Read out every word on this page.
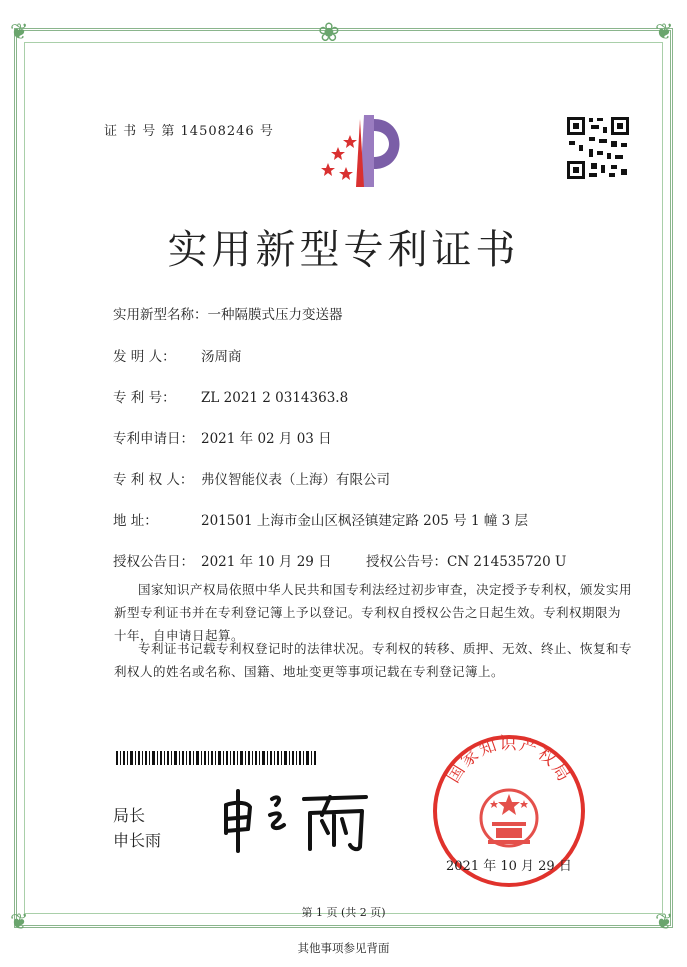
❦	❦
❦	❦
❀
证 书 号 第 14508246 号
实用新型专利证书
实用新型名称：一种隔膜式压力变送器
发 明 人： 汤周商
专 利 号： ZL 2021 2 0314363.8
专利申请日： 2021 年 02 月 03 日
专 利 权 人： 弗仪智能仪表（上海）有限公司
地 址：	201501 上海市金山区枫泾镇建定路 205 号 1 幢 3 层
授权公告日： 2021 年 10 月 29 日	授权公告号：CN 214535720 U
国家知识产权局依照中华人民共和国专利法经过初步审查，决定授予专利权，颁发实用新型专利证书并在专利登记簿上予以登记。专利权自授权公告之日起生效。专利权期限为十年，自申请日起算。
专利证书记载专利权登记时的法律状况。专利权的转移、质押、无效、终止、恢复和专利权人的姓名或名称、国籍、地址变更等事项记载在专利登记簿上。
局长
申长雨
国家知识产权局
2021 年 10 月 29 日
第 1 页 (共 2 页)
其他事项参见背面
